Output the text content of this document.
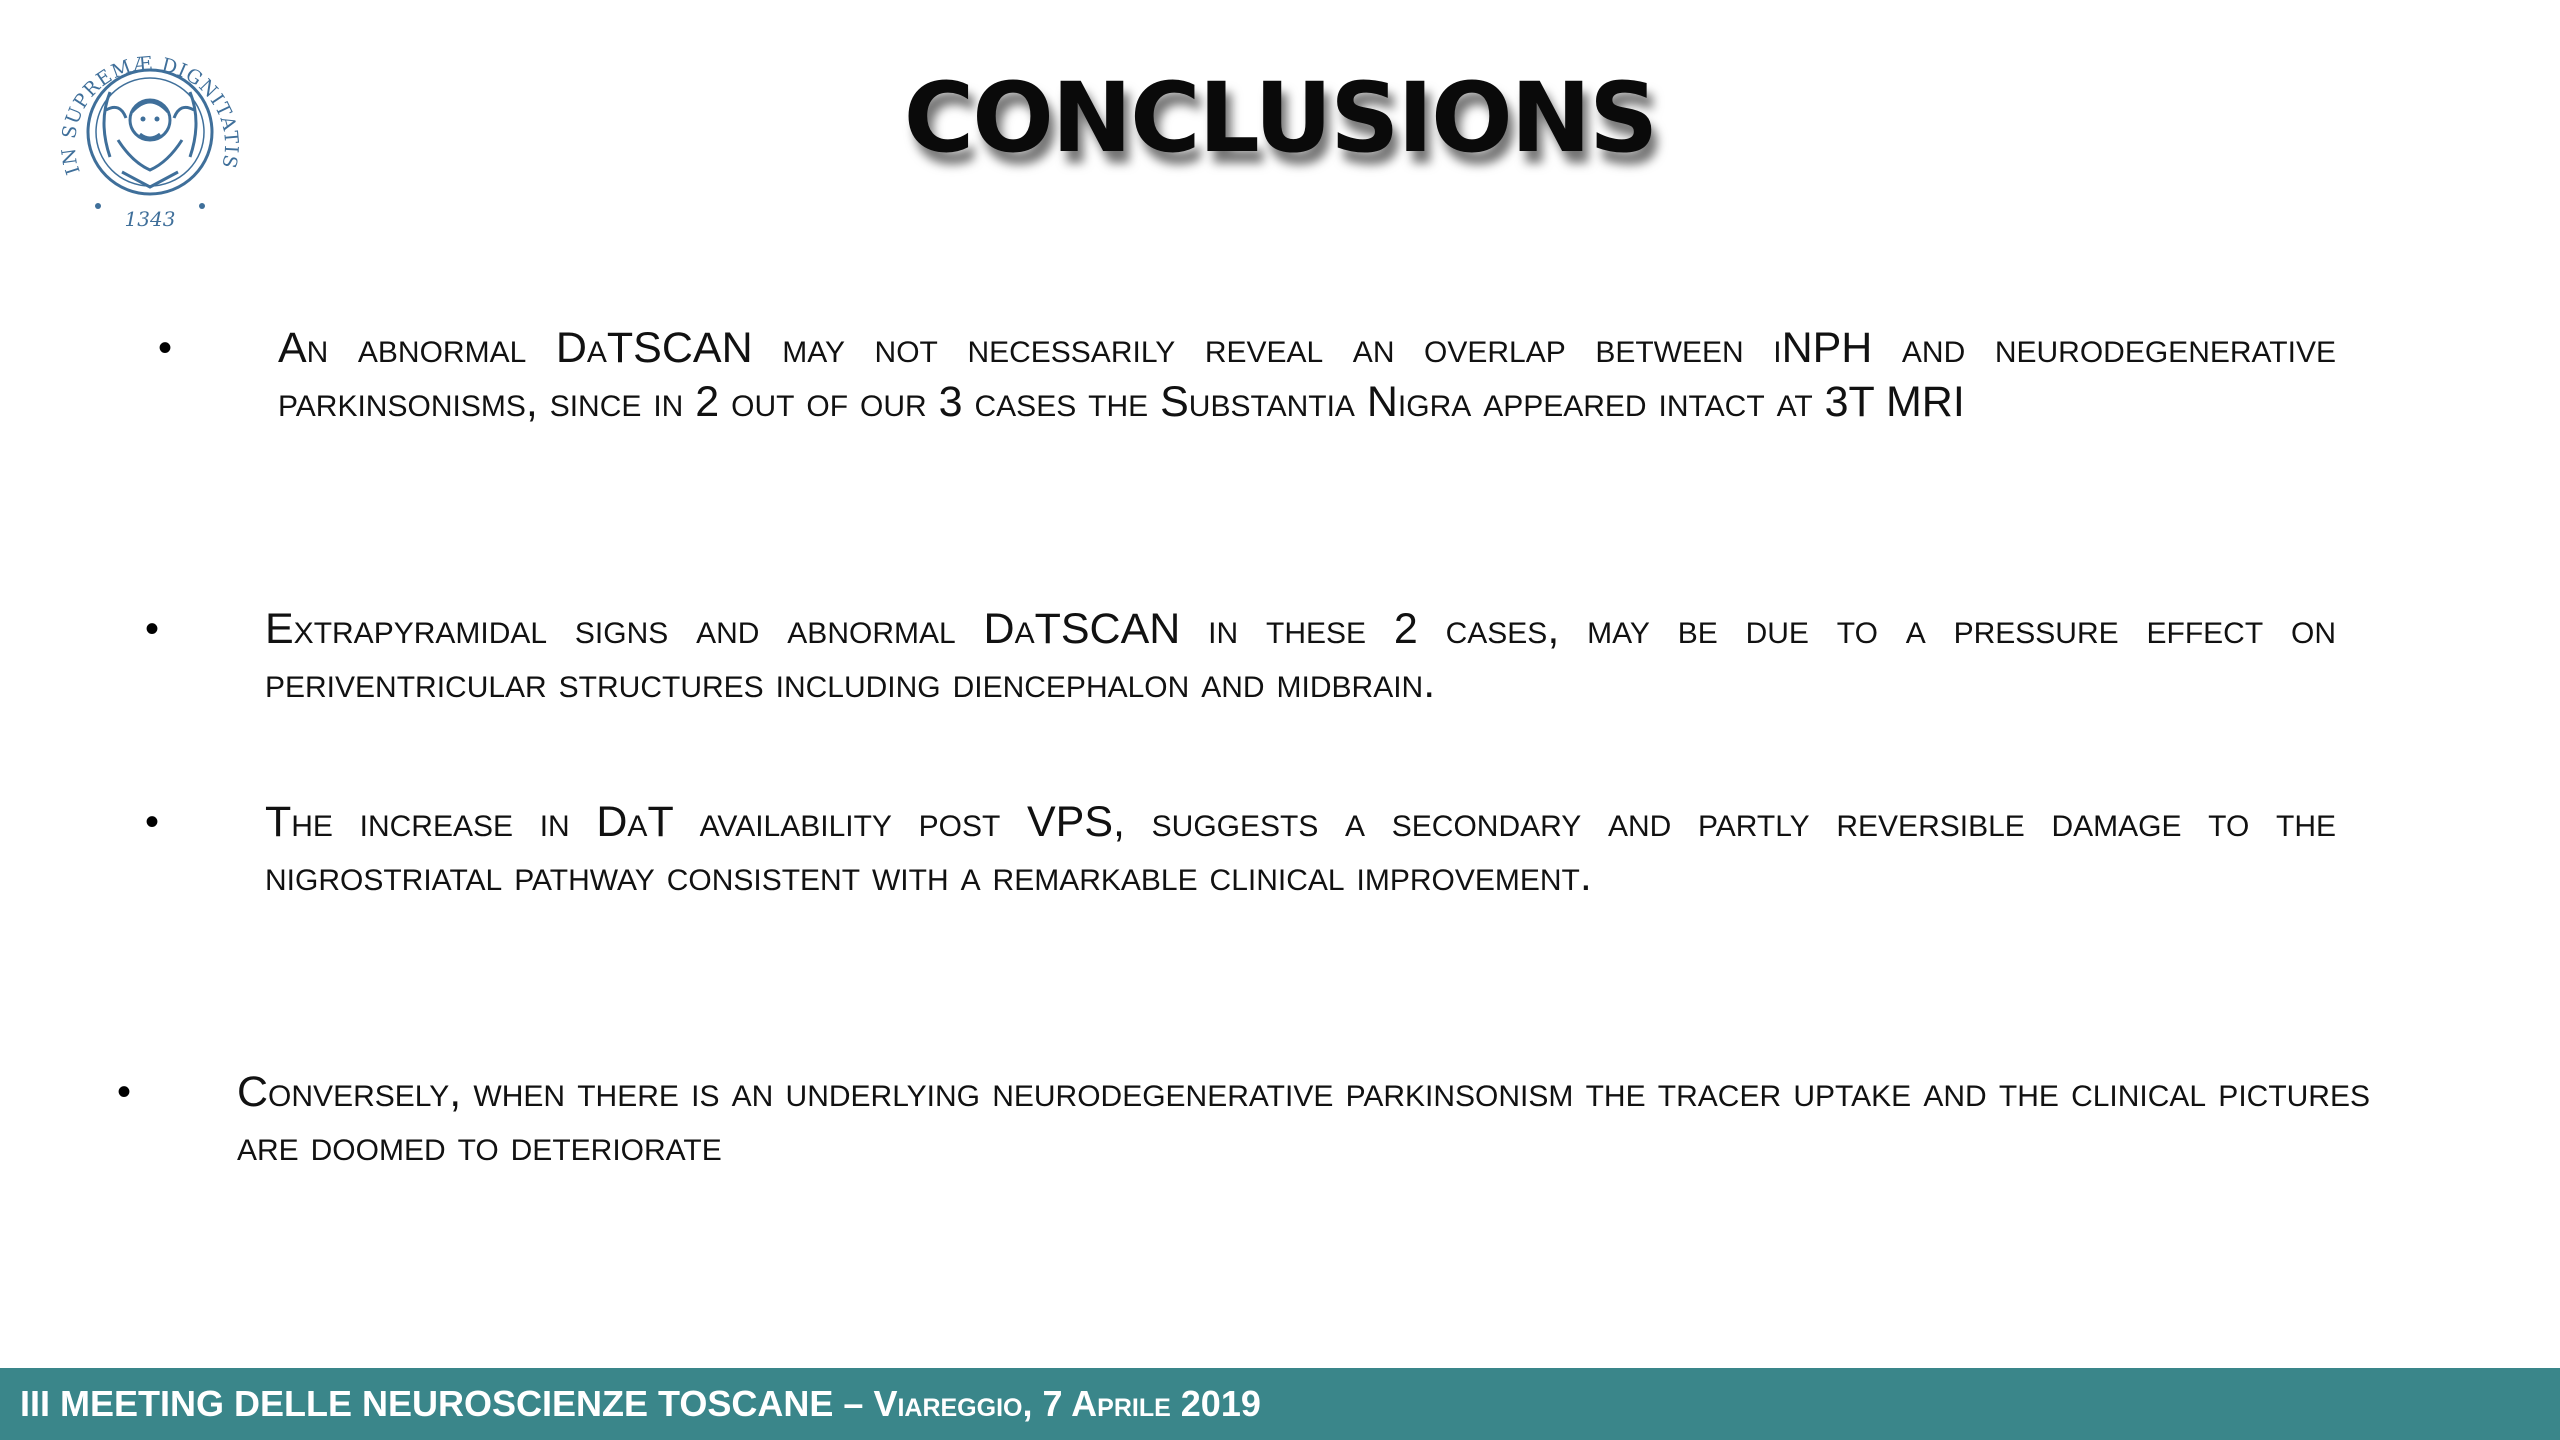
IN SUPREMÆ DIGNITATIS
1343
CONCLUSIONS
• An abnormal DaTSCAN may not necessarily reveal an overlap between iNPH and neurodegenerative parkinsonisms, since in 2 out of our 3 cases the Substantia Nigra appeared intact at 3T MRI
• Extrapyramidal signs and abnormal DaTSCAN in these 2 cases, may be due to a pressure effect on periventricular structures including diencephalon and midbrain.
• The increase in DaT availability post VPS, suggests a secondary and partly reversible damage to the nigrostriatal pathway consistent with a remarkable clinical improvement.
• Conversely, when there is an underlying neurodegenerative parkinsonism the tracer uptake and the clinical pictures are doomed to deteriorate
III MEETING DELLE NEUROSCIENZE TOSCANE – Viareggio, 7 Aprile 2019
